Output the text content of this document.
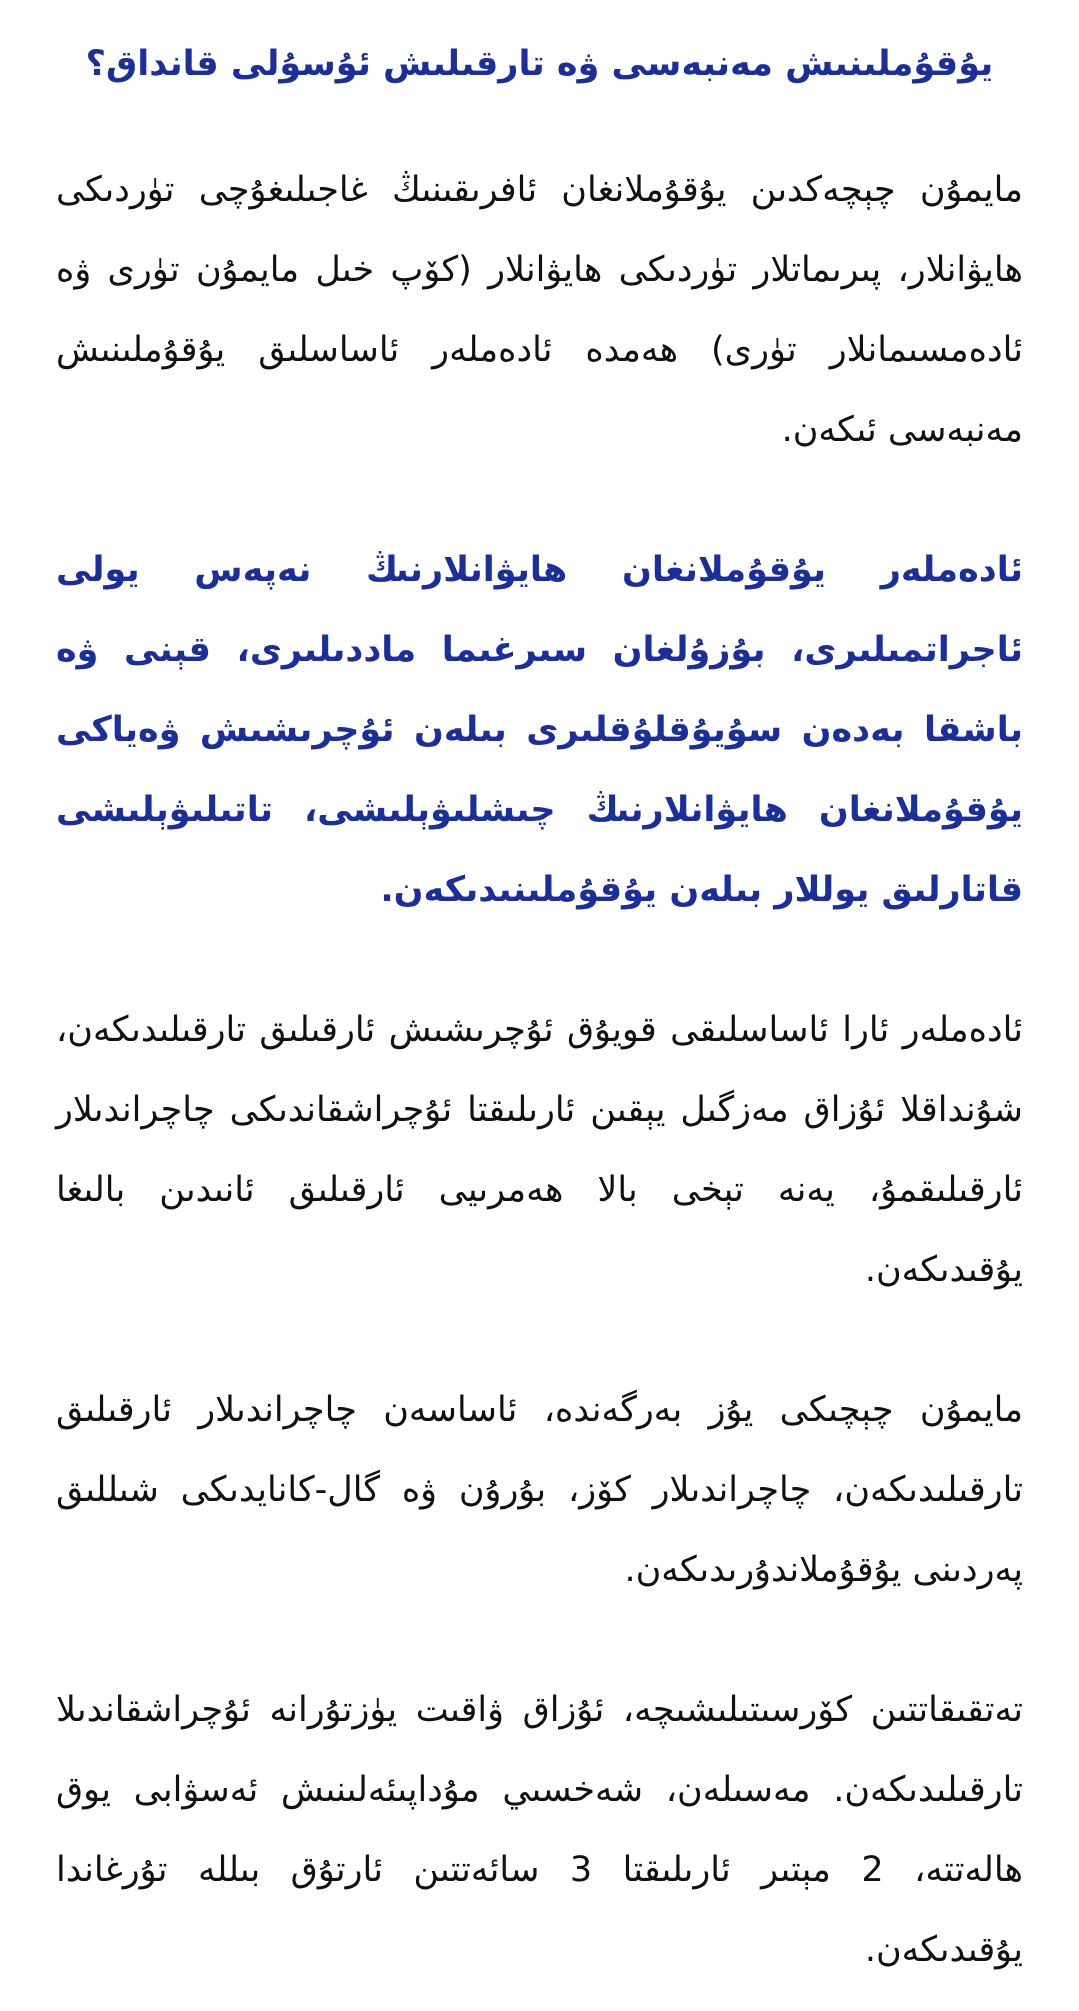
يۇقۇملىنىش مەنبەسى ۋە تارقىلىش ئۇسۇلى قانداق؟

مايمۇن چېچەكدىن يۇقۇملانغان ئافرىقىنىڭ غاجىلىغۇچى تۈردىكى ھايۋانلار، پىرىماتلار تۈردىكى ھايۋانلار (كۆپ خىل مايمۇن تۈرى ۋە ئادەمسىمانلار تۈرى) ھەمدە ئادەملەر ئاساسلىق يۇقۇملىنىش مەنبەسى ئىكەن.

ئادەملەر يۇقۇملانغان ھايۋانلارنىڭ نەپەس يولى ئاجراتمىلىرى، بۇزۇلغان سىرغىما ماددىلىرى، قېنى ۋە باشقا بەدەن سۇيۇقلۇقلىرى بىلەن ئۇچرىشىش ۋەياكى يۇقۇملانغان ھايۋانلارنىڭ چىشلىۋېلىشى، تاتىلىۋېلىشى قاتارلىق يوللار بىلەن يۇقۇملىنىدىكەن.

ئادەملەر ئارا ئاساسلىقى قويۇق ئۇچرىشىش ئارقىلىق تارقىلىدىكەن، شۇنداقلا ئۇزاق مەزگىل يېقىن ئارىلىقتا ئۇچراشقاندىكى چاچراندىلار ئارقىلىقمۇ، يەنە تېخى بالا ھەمرىيى ئارقىلىق ئانىدىن بالىغا يۇقىدىكەن.

مايمۇن چېچىكى يۇز بەرگەندە، ئاساسەن چاچراندىلار ئارقىلىق تارقىلىدىكەن، چاچراندىلار كۆز، بۇرۇن ۋە گال-كانايدىكى شىللىق پەردىنى يۇقۇملاندۇرىدىكەن.

تەتقىقاتتىن كۆرسىتىلىشىچە، ئۇزاق ۋاقىت يۈزتۇرانە ئۇچراشقاندىلا تارقىلىدىكەن. مەسىلەن، شەخسىي مۇداپىئەلىنىش ئەسۋابى يوق ھالەتتە، 2 مېتىر ئارىلىقتا 3 سائەتتىن ئارتۇق بىللە تۇرغاندا يۇقىدىكەن.
